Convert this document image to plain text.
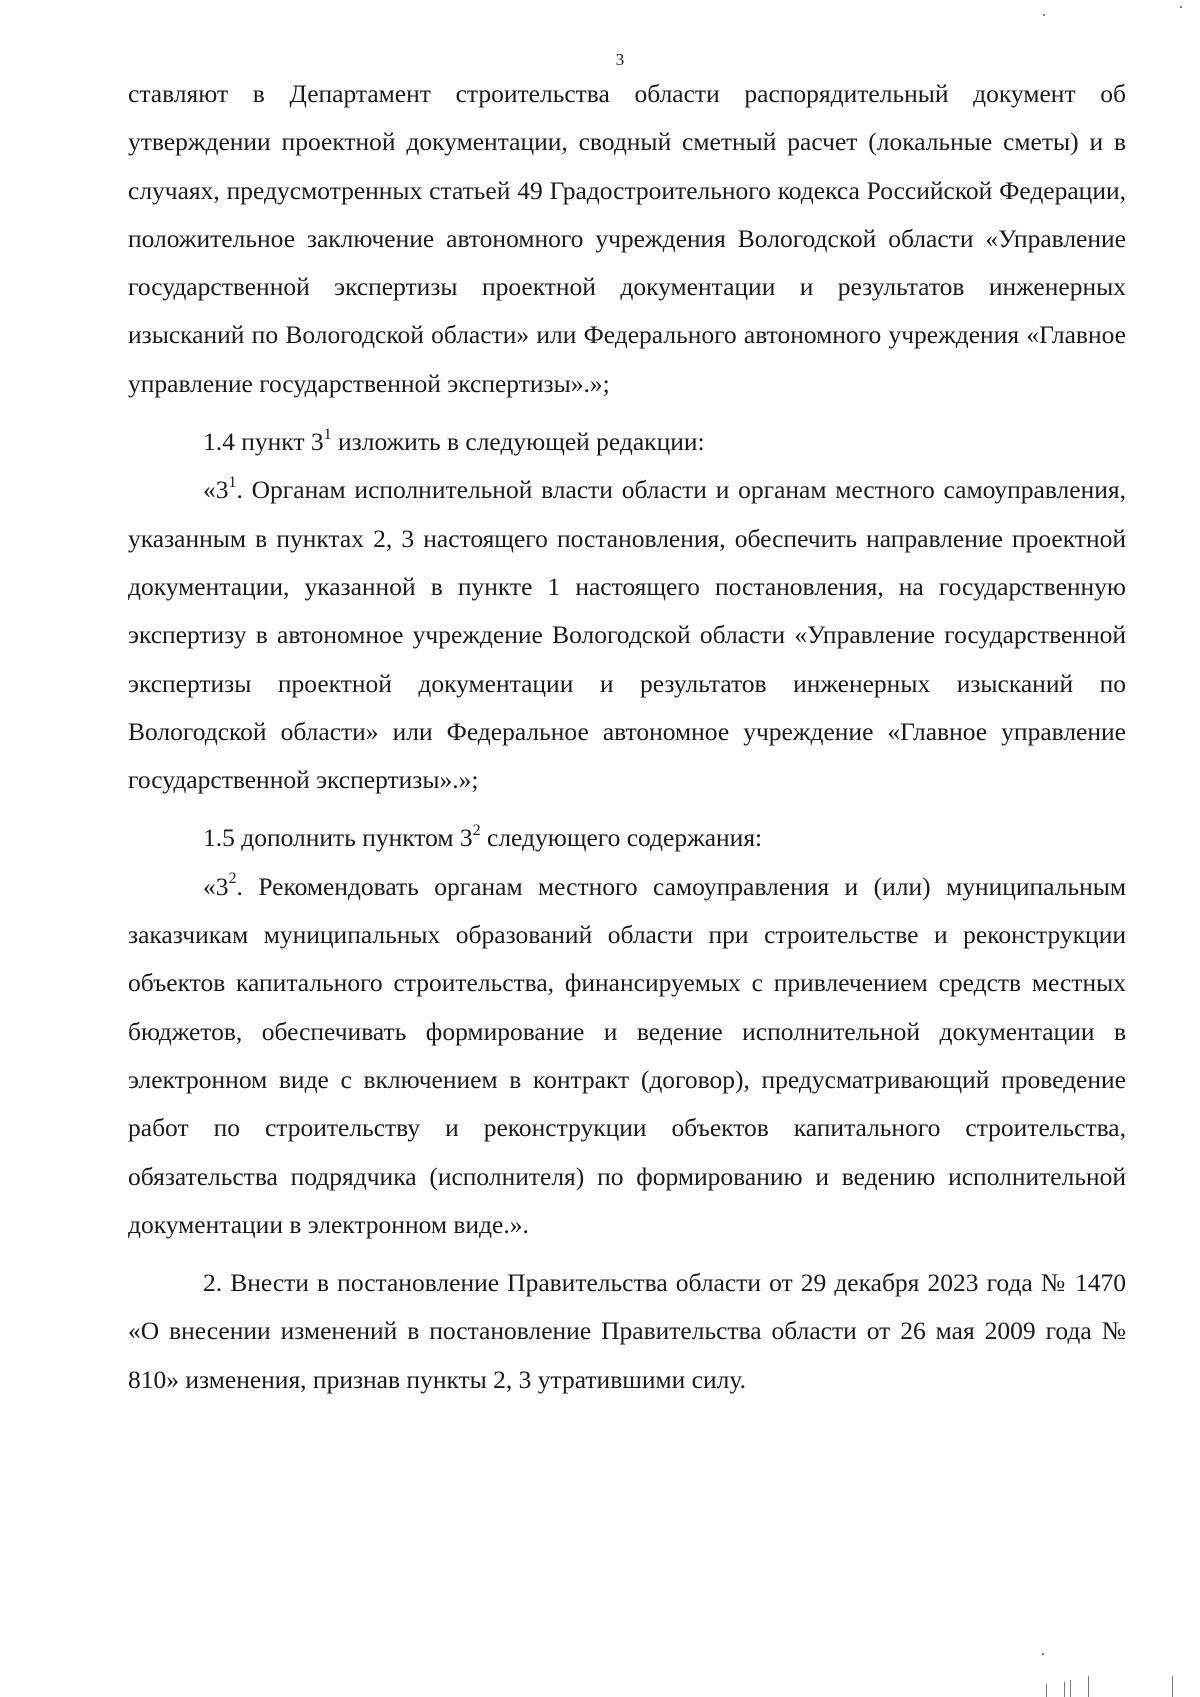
3

ставляют в Департамент строительства области распорядительный документ об утверждении проектной документации, сводный сметный расчет (локальные сметы) и в случаях, предусмотренных статьей 49 Градостроительного кодекса Российской Федерации, положительное заключение автономного учреждения Вологодской области «Управление государственной экспертизы проектной документации и результатов инженерных изысканий по Вологодской области» или Федерального автономного учреждения «Главное управление государственной экспертизы».»;

1.4 пункт $3^1$ изложить в следующей редакции:

«$3^1$. Органам исполнительной власти области и органам местного самоуправления, указанным в пунктах 2, 3 настоящего постановления, обеспечить направление проектной документации, указанной в пункте 1 настоящего постановления, на государственную экспертизу в автономное учреждение Вологодской области «Управление государственной экспертизы проектной документации и результатов инженерных изысканий по Вологодской области» или Федеральное автономное учреждение «Главное управление государственной экспертизы».»;

1.5 дополнить пунктом $3^2$ следующего содержания:

«$3^2$. Рекомендовать органам местного самоуправления и (или) муниципальным заказчикам муниципальных образований области при строительстве и реконструкции объектов капитального строительства, финансируемых с привлечением средств местных бюджетов, обеспечивать формирование и ведение исполнительной документации в электронном виде с включением в контракт (договор), предусматривающий проведение работ по строительству и реконструкции объектов капитального строительства, обязательства подрядчика (исполнителя) по формированию и ведению исполнительной документации в электронном виде.».

2. Внести в постановление Правительства области от 29 декабря 2023 года № 1470 «О внесении изменений в постановление Правительства области от 26 мая 2009 года № 810» изменения, признав пункты 2, 3 утратившими силу.
